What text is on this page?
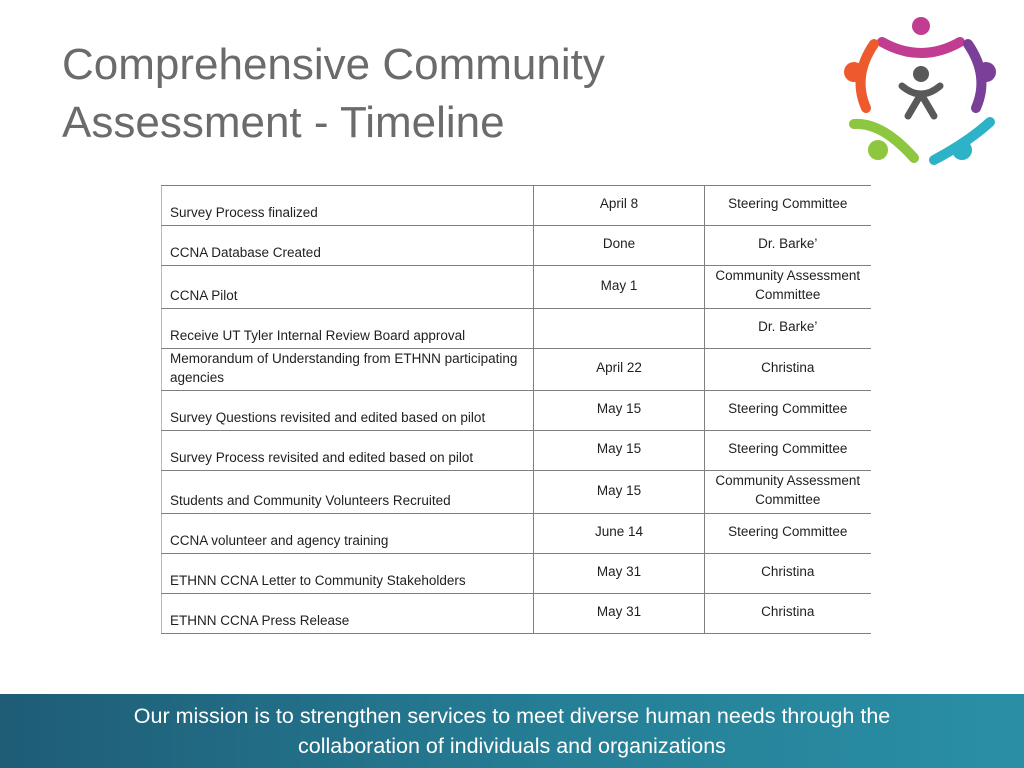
Comprehensive Community
Assessment - Timeline
Survey Process finalized	April 8	Steering Committee
CCNA Database Created	Done	Dr. Barke’
CCNA Pilot	May 1	Community Assessment Committee
Receive UT Tyler Internal Review Board approval		Dr. Barke’
Memorandum of Understanding from ETHNN participating agencies	April 22	Christina
Survey Questions revisited and edited based on pilot	May 15	Steering Committee
Survey Process revisited and edited based on pilot	May 15	Steering Committee
Students and Community Volunteers Recruited	May 15	Community Assessment Committee
CCNA volunteer and agency training	June 14	Steering Committee
ETHNN CCNA Letter to Community Stakeholders	May 31	Christina
ETHNN CCNA Press Release	May 31	Christina

Our mission is to strengthen services to meet diverse human needs through the collaboration of individuals and organizations
